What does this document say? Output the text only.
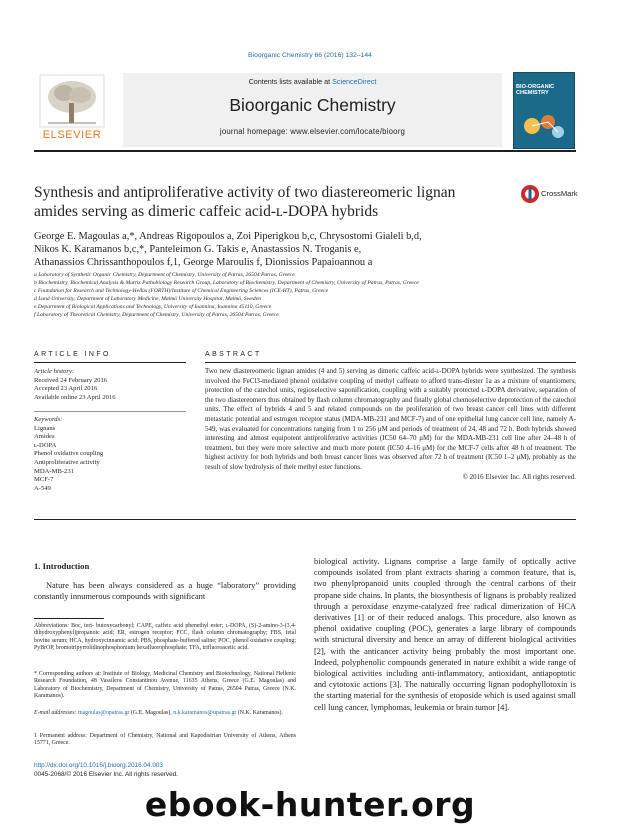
Bioorganic Chemistry 66 (2016) 132–144
Contents lists available at ScienceDirect
Bioorganic Chemistry
journal homepage: www.elsevier.com/locate/bioorg
ELSEVIER
BIO-ORGANIC CHEMISTRY
Synthesis and antiproliferative activity of two diastereomeric lignan
amides serving as dimeric caffeic acid-ʟ-DOPA hybrids
CrossMark
George E. Magoulas a,*, Andreas Rigopoulos a, Zoi Piperigkou b,c, Chrysostomi Gialeli b,d,
Nikos K. Karamanos b,c,*, Panteleimon G. Takis e, Anastassios N. Troganis e,
Athanassios Chrissanthopoulos f,1, George Maroulis f, Dionissios Papaioannou a
a Laboratory of Synthetic Organic Chemistry, Department of Chemistry, University of Patras, 26504 Patras, Greece
b Biochemistry, Biochemical Analysis & Matrix Pathobiology Research Group, Laboratory of Biochemistry, Department of Chemistry, University of Patras, Patras, Greece
c Foundation for Research and Technology-Hellas (FORTH)/Institute of Chemical Engineering Sciences (ICE-HT), Patras, Greece
d Lund University, Department of Laboratory Medicine, Malmö University Hospital, Malmö, Sweden
e Department of Biological Applications and Technology, University of Ioannina, Ioannina 45110, Greece
f Laboratory of Theoretical Chemistry, Department of Chemistry, University of Patras, 26504 Patras, Greece
ARTICLE INFO	ABSTRACT
Article history:
Received 24 February 2016
Accepted 23 April 2016
Available online 23 April 2016
Keywords:
Lignans
Amides
ʟ-DOPA
Phenol oxidative coupling
Antiproliferative activity
MDA-MB-231
MCF-7
A-549
Two new diastereomeric lignan amides (4 and 5) serving as dimeric caffeic acid-ʟ-DOPA hybrids were synthesized. The synthesis involved the FeCl3-mediated phenol oxidative coupling of methyl caffeate to afford trans-diester 1a as a mixture of enantiomers, protection of the catechol units, regioselective saponification, coupling with a suitably protected ʟ-DOPA derivative, separation of the two diastereomers thus obtained by flash column chromatography and finally global chemoselective deprotection of the catechol units. The effect of hybrids 4 and 5 and related compounds on the proliferation of two breast cancer cell lines with different metastatic potential and estrogen receptor status (MDA-MB-231 and MCF-7) and of one epithelial lung cancer cell line, namely A-549, was evaluated for concentrations ranging from 1 to 256 μM and periods of treatment of 24, 48 and 72 h. Both hybrids showed interesting and almost equipotent antiproliferative activities (IC50 64–70 μM) for the MDA-MB-231 cell line after 24–48 h of treatment, but they were more selective and much more potent (IC50 4–16 μM) for the MCF-7 cells after 48 h of treatment. The highest activity for both hybrids and both breast cancer lines was observed after 72 h of treatment (IC50 1–2 μM), probably as the result of slow hydrolysis of their methyl ester functions.
© 2016 Elsevier Inc. All rights reserved.
1. Introduction
Nature has been always considered as a huge “laboratory” providing constantly innumerous compounds with significant
biological activity. Lignans comprise a large family of optically active compounds isolated from plant extracts sharing a common feature, that is, two phenylpropanoid units coupled through the central carbons of their propane side chains. In plants, the biosynthesis of lignans is probably realized through a peroxidase enzyme-catalyzed free radical dimerization of HCA derivatives [1] or of their reduced analogs. This procedure, also known as phenol oxidative coupling (POC), generates a large library of compounds with structural diversity and hence an array of different biological activities [2], with the anticancer activity being probably the most important one. Indeed, polyphenolic compounds generated in nature exhibit a wide range of biological activities including anti-inflammatory, antioxidant, antiapoptotic and cytotoxic actions [3]. The naturally occurring lignan podophyllotoxin is the starting material for the synthesis of etoposide which is used against small cell lung cancer, lymphomas, leukemia or brain tumor [4].
Abbreviations: Boc, tert- butoxycarbonyl; CAPE, caffeic acid phenethyl ester; ʟ-DOPA, (S)-2-amino-3-(3,4-dihydroxyphenyl)propanoic acid; ER, estrogen receptor; FCC, flash column chromatography; FBS, fetal bovine serum; HCA, hydroxycinnamic acid; PBS, phosphate-buffered saline; POC, phenol oxidative coupling; PyBrOP, bromotripyrrolidinophosphonium hexafluorophosphate; TFA, trifluoroacetic acid.
* Corresponding authors at: Institute of Biology, Medicinal Chemistry and Biotechnology, National Hellenic Research Foundation, 48 Vassileos Constantinou Avenue, 11635 Athens, Greece (G.E. Magoulas) and Laboratory of Biochemistry, Department of Chemistry, University of Patras, 26504 Patras, Greece (N.K. Karamanos).
E-mail addresses: magoulas@upatras.gr (G.E. Magoulas), n.k.karamanos@upatras.gr (N.K. Karamanos).
1 Permanent address: Department of Chemistry, National and Kapodistrian University of Athens, Athens 15771, Greece.
http://dx.doi.org/10.1016/j.bioorg.2016.04.003
0045-2068/© 2016 Elsevier Inc. All rights reserved.
ebook-hunter.org
